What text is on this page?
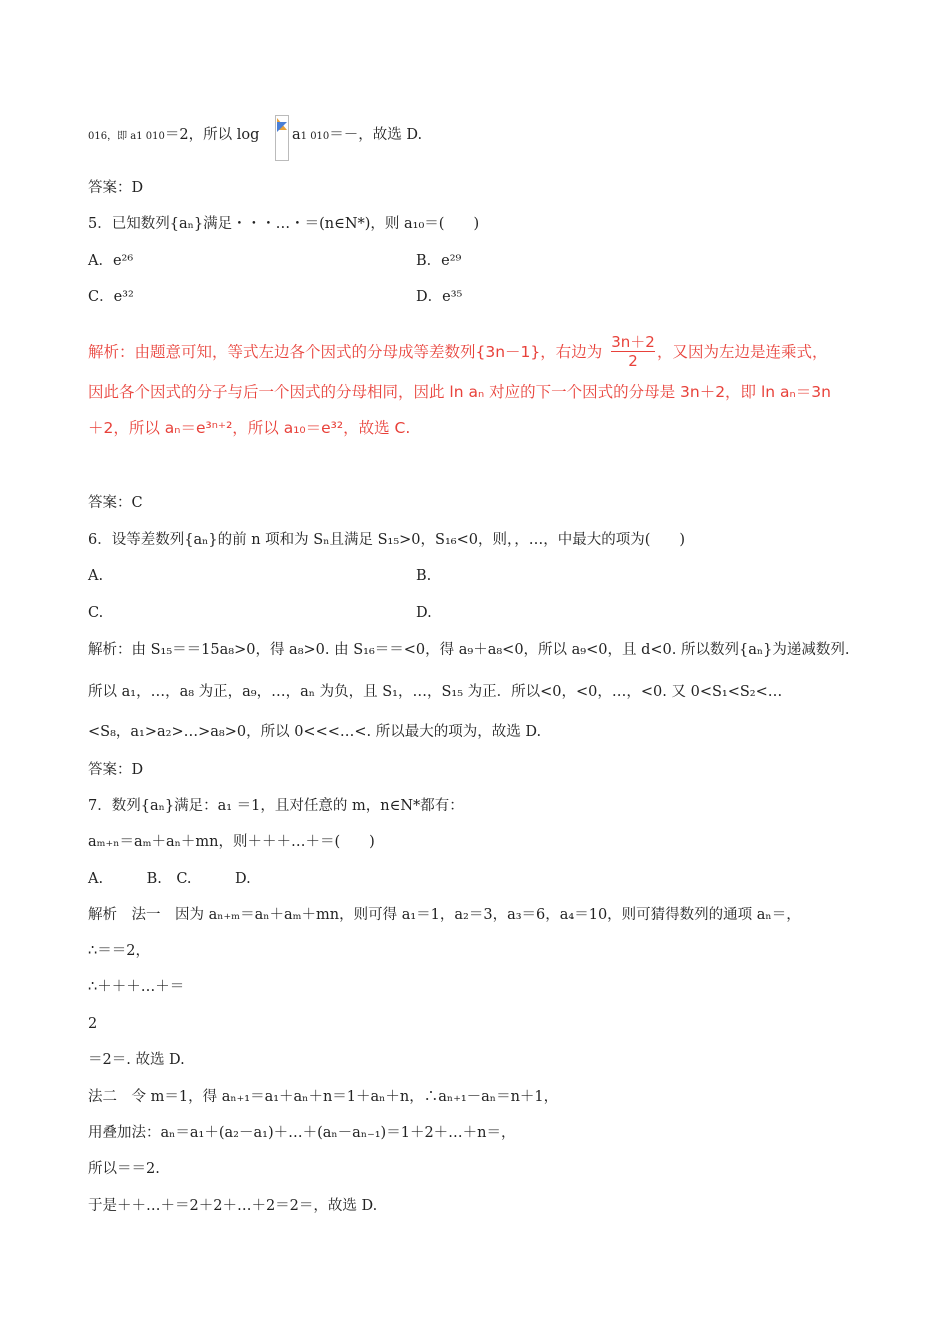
016，即 a1 010＝2，所以 log a1 010＝－，故选 D.
答案：D
5．已知数列{aₙ}满足・・・…・＝(n∈N*)，则 a₁₀＝(　　)
A．e²⁶	B．e²⁹
C．e³²	D．e³⁵
解析：由题意可知，等式左边各个因式的分母成等差数列{3n－1}，右边为 $\frac{3n+2}{2}$ ，又因为左边是连乘式，
因此各个因式的分子与后一个因式的分母相同，因此 ln aₙ 对应的下一个因式的分母是 3n＋2，即 ln aₙ＝3n
＋2，所以 aₙ＝e³ⁿ⁺²，所以 a₁₀＝e³²，故选 C.
答案：C
6．设等差数列{aₙ}的前 n 项和为 Sₙ且满足 S₁₅>0，S₁₆<0，则，，…，中最大的项为(　　)
A.	B.
C.	D.
解析：由 S₁₅＝＝15a₈>0，得 a₈>0. 由 S₁₆＝＝<0，得 a₉＋a₈<0，所以 a₉<0，且 d<0. 所以数列{aₙ}为递减数列.
所以 a₁，…，a₈ 为正，a₉，…，aₙ 为负，且 S₁，…，S₁₅ 为正．所以<0，<0，…，<0. 又 0<S₁<S₂<…
<S₈，a₁>a₂>…>a₈>0，所以 0<<<…<. 所以最大的项为，故选 D.
答案：D
7．数列{aₙ}满足：a₁ ＝1，且对任意的 m，n∈N*都有：
aₘ₊ₙ＝aₘ＋aₙ＋mn，则＋＋＋…＋＝(　　)
A.　　　B.　C.　　　D.
解析　法一　因为 aₙ₊ₘ＝aₙ＋aₘ＋mn，则可得 a₁＝1，a₂＝3，a₃＝6，a₄＝10，则可猜得数列的通项 aₙ＝，
∴＝＝2，
∴＋＋＋…＋＝
2
＝2＝. 故选 D.
法二　令 m＝1，得 aₙ₊₁＝a₁＋aₙ＋n＝1＋aₙ＋n，∴aₙ₊₁－aₙ＝n＋1，
用叠加法：aₙ＝a₁＋(a₂－a₁)＋…＋(aₙ－aₙ₋₁)＝1＋2＋…＋n＝，
所以＝＝2.
于是＋＋…＋＝2＋2＋…＋2＝2＝，故选 D.
